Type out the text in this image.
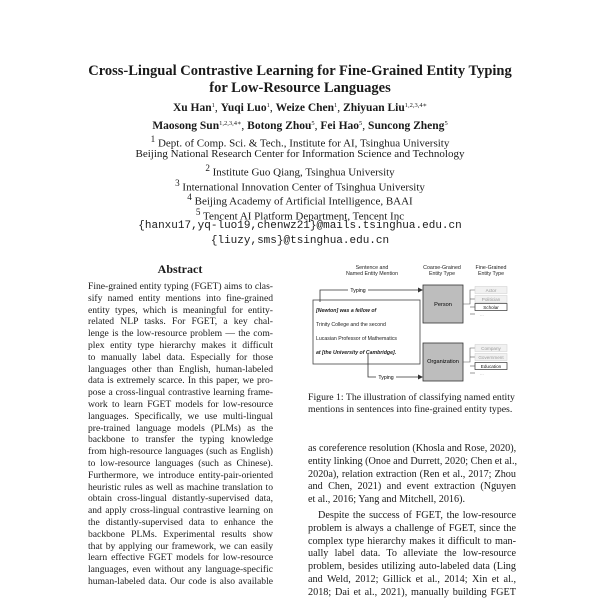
Cross-Lingual Contrastive Learning for Fine-Grained Entity Typing
for Low-Resource Languages
Xu Han$^1$, Yuqi Luo$^1$, Weize Chen$^1$, Zhiyuan Liu$^{1,2,3,4∗}$
Maosong Sun$^{1,2,3,4∗}$, Botong Zhou$^5$, Fei Hao$^5$, Suncong Zheng$^5$
$^1$ Dept. of Comp. Sci. & Tech., Institute for AI, Tsinghua University
Beijing National Research Center for Information Science and Technology
$^2$ Institute Guo Qiang, Tsinghua University
$^3$ International Innovation Center of Tsinghua University
$^4$ Beijing Academy of Artificial Intelligence, BAAI
$^5$ Tencent AI Platform Department, Tencent Inc
{hanxu17,yq-luo19,chenwz21}@mails.tsinghua.edu.cn
{liuzy,sms}@tsinghua.edu.cn
Abstract
Fine-grained entity typing (FGET) aims to clas-
sify named entity mentions into fine-grained
entity types, which is meaningful for entity-
related NLP tasks. For FGET, a key chal-
lenge is the low-resource problem — the com-
plex entity type hierarchy makes it difficult
to manually label data. Especially for those
languages other than English, human-labeled
data is extremely scarce. In this paper, we pro-
pose a cross-lingual contrastive learning frame-
work to learn FGET models for low-resource
languages. Specifically, we use multi-lingual
pre-trained language models (PLMs) as the
backbone to transfer the typing knowledge
from high-resource languages (such as English)
to low-resource languages (such as Chinese).
Furthermore, we introduce entity-pair-oriented
heuristic rules as well as machine translation to
obtain cross-lingual distantly-supervised data,
and apply cross-lingual contrastive learning on
the distantly-supervised data to enhance the
backbone PLMs. Experimental results show
that by applying our framework, we can easily
learn effective FGET models for low-resource
languages, even without any language-specific
human-labeled data. Our code is also available
Sentence and
Named Entity Mention
Coarse-Grained
Entity Type
Fine-Grained
Entity Type
[Newton] was a fellow of
Trinity College and the second
Lucasian Professor of Mathematics
at [the University of Cambridge].
Typing
Typing
Person
Organization
Actor
Politician
Scholar
...
Company
Government
Education
...
Figure 1: The illustration of classifying named entity
mentions in sentences into fine-grained entity types.
as coreference resolution (Khosla and Rose, 2020),
entity linking (Onoe and Durrett, 2020; Chen et al.,
2020a), relation extraction (Ren et al., 2017; Zhou
and Chen, 2021) and event extraction (Nguyen
et al., 2016; Yang and Mitchell, 2016).
Despite the success of FGET, the low-resource
problem is always a challenge of FGET, since the
complex type hierarchy makes it difficult to man-
ually label data. To alleviate the low-resource
problem, besides utilizing auto-labeled data (Ling
and Weld, 2012; Gillick et al., 2014; Xin et al.,
2018; Dai et al., 2021), manually building FGET
